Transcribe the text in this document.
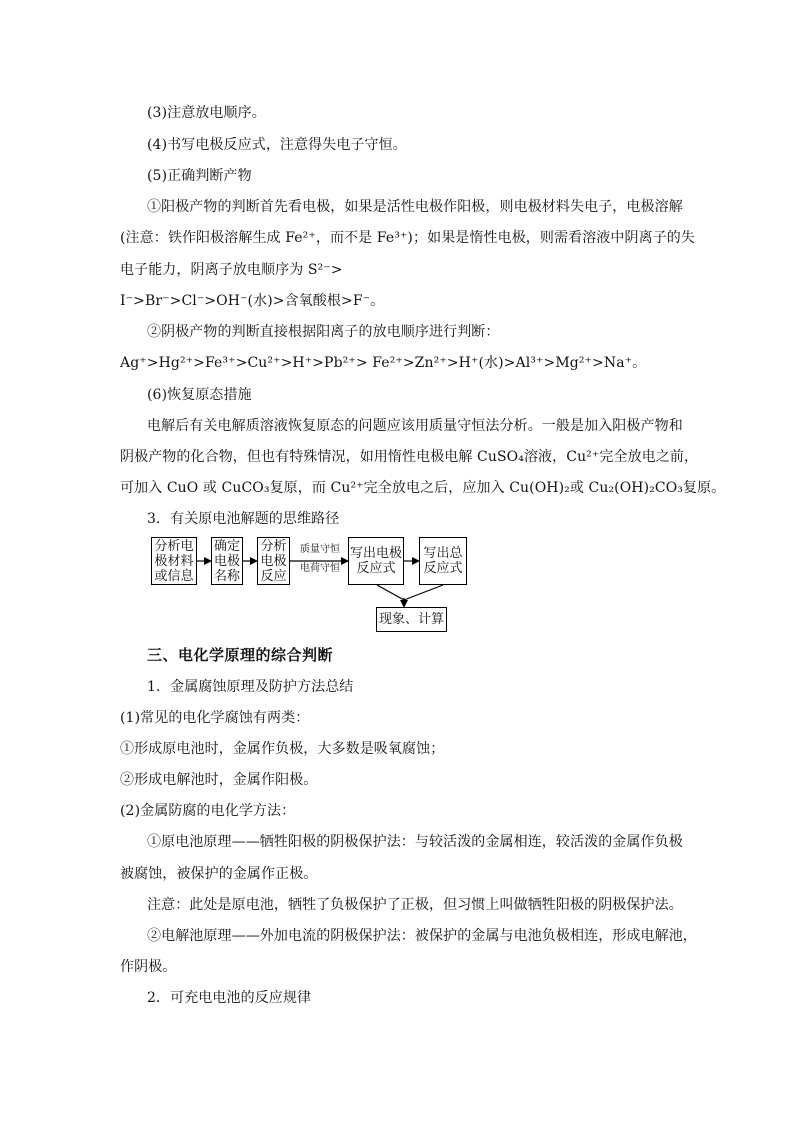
(3)注意放电顺序。
(4)书写电极反应式，注意得失电子守恒。
(5)正确判断产物
①阳极产物的判断首先看电极，如果是活性电极作阳极，则电极材料失电子，电极溶解
(注意：铁作阳极溶解生成 Fe²⁺，而不是 Fe³⁺)；如果是惰性电极，则需看溶液中阴离子的失
电子能力，阴离子放电顺序为 S²⁻>
I⁻>Br⁻>Cl⁻>OH⁻(水)>含氧酸根>F⁻。
②阴极产物的判断直接根据阳离子的放电顺序进行判断：
Ag⁺>Hg²⁺>Fe³⁺>Cu²⁺>H⁺>Pb²⁺> Fe²⁺>Zn²⁺>H⁺(水)>Al³⁺>Mg²⁺>Na⁺。
(6)恢复原态措施
电解后有关电解质溶液恢复原态的问题应该用质量守恒法分析。一般是加入阳极产物和
阴极产物的化合物，但也有特殊情况，如用惰性电极电解 CuSO₄溶液，Cu²⁺完全放电之前，
可加入 CuO 或 CuCO₃复原，而 Cu²⁺完全放电之后，应加入 Cu(OH)₂或 Cu₂(OH)₂CO₃复原。
3．有关原电池解题的思维路径
分析电
极材料
或信息
确定
电极
名称
分析
电极
反应
质量守恒
电荷守恒
写出电极
反应式
写出总
反应式
现象、计算
三、电化学原理的综合判断
1．金属腐蚀原理及防护方法总结
(1)常见的电化学腐蚀有两类：
①形成原电池时，金属作负极，大多数是吸氧腐蚀；
②形成电解池时，金属作阳极。
(2)金属防腐的电化学方法：
①原电池原理——牺牲阳极的阴极保护法：与较活泼的金属相连，较活泼的金属作负极
被腐蚀，被保护的金属作正极。
注意：此处是原电池，牺牲了负极保护了正极，但习惯上叫做牺牲阳极的阴极保护法。
②电解池原理——外加电流的阴极保护法：被保护的金属与电池负极相连，形成电解池，
作阴极。
2．可充电电池的反应规律
